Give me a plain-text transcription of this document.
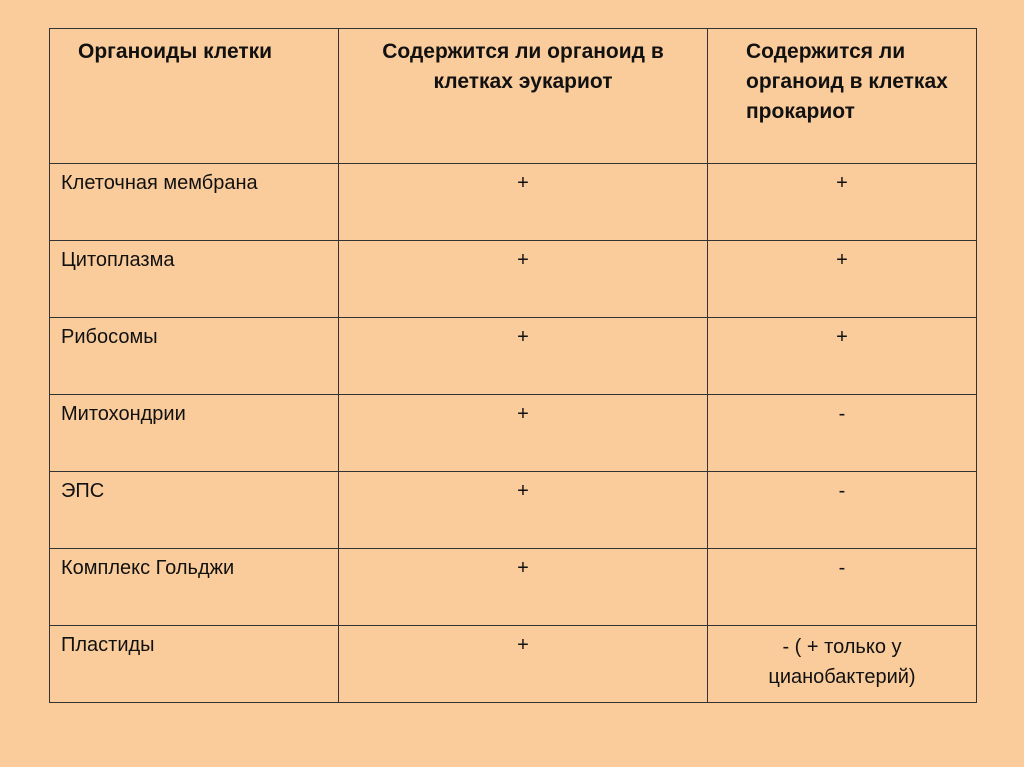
Органоиды клетки	Содержится ли органоид в клетках эукариот	Содержится ли органоид в клетках прокариот

Клеточная мембрана	+	+

Цитоплазма	+	+

Рибосомы	+	+

Митохондрии	+	-

ЭПС	+	-

Комплекс Гольджи	+	-

Пластиды	+	- ( + только у цианобактерий)
